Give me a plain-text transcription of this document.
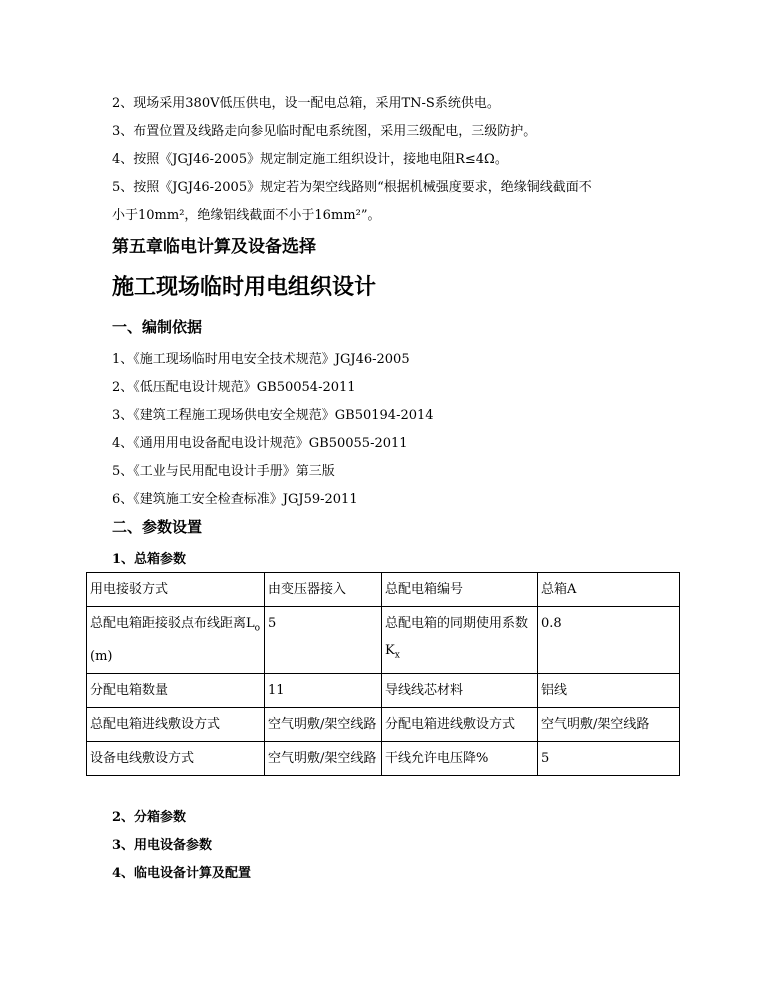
2、现场采用380V低压供电，设一配电总箱，采用TN-S系统供电。
3、布置位置及线路走向参见临时配电系统图，采用三级配电，三级防护。
4、按照《JGJ46-2005》规定制定施工组织设计，接地电阻R≤4Ω。
5、按照《JGJ46-2005》规定若为架空线路则“根据机械强度要求，绝缘铜线截面不
小于10mm²，绝缘铝线截面不小于16mm²”。
第五章临电计算及设备选择
施工现场临时用电组织设计
一、编制依据
1、《施工现场临时用电安全技术规范》JGJ46-2005
2、《低压配电设计规范》GB50054-2011
3、《建筑工程施工现场供电安全规范》GB50194-2014
4、《通用用电设备配电设计规范》GB50055-2011
5、《工业与民用配电设计手册》第三版
6、《建筑施工安全检查标准》JGJ59-2011
二、参数设置
1、总箱参数
用电接驳方式	由变压器接入	总配电箱编号	总箱A
总配电箱距接驳点布线距离$L_o(m)$	5	总配电箱的同期使用系数$K_x$	0.8
分配电箱数量	11	导线线芯材料	铝线
总配电箱进线敷设方式	空气明敷/架空线路	分配电箱进线敷设方式	空气明敷/架空线路
设备电线敷设方式	空气明敷/架空线路	干线允许电压降%	5
2、分箱参数
3、用电设备参数
4、临电设备计算及配置
